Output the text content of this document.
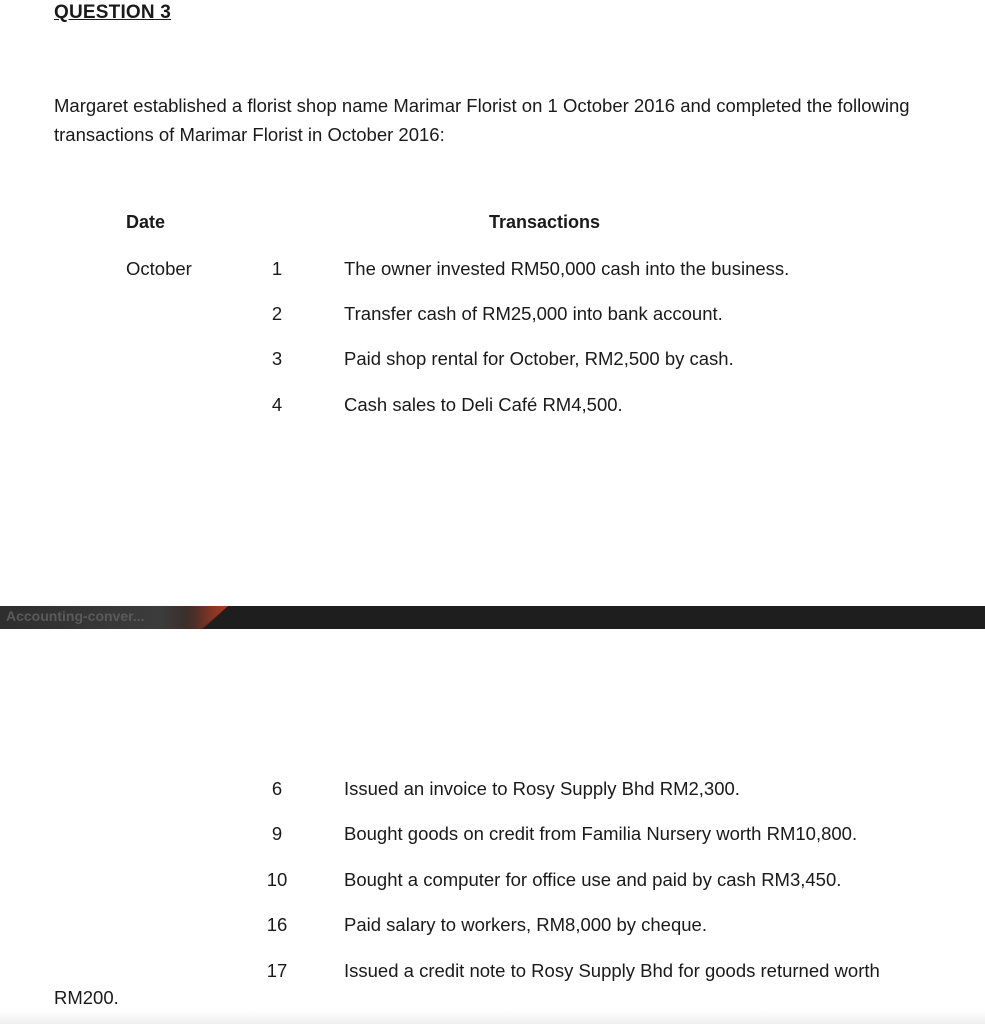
QUESTION 3
Margaret established a florist shop name Marimar Florist on 1 October 2016 and completed the following transactions of Marimar Florist in October 2016:
Date	Transactions
October	1	The owner invested RM50,000 cash into the business.
2	Transfer cash of RM25,000 into bank account.
3	Paid shop rental for October, RM2,500 by cash.
4	Cash sales to Deli Café RM4,500.
Accounting-conver...
6	Issued an invoice to Rosy Supply Bhd RM2,300.
9	Bought goods on credit from Familia Nursery worth RM10,800.
10	Bought a computer for office use and paid by cash RM3,450.
16	Paid salary to workers, RM8,000 by cheque.
17	Issued a credit note to Rosy Supply Bhd for goods returned worth
RM200.
